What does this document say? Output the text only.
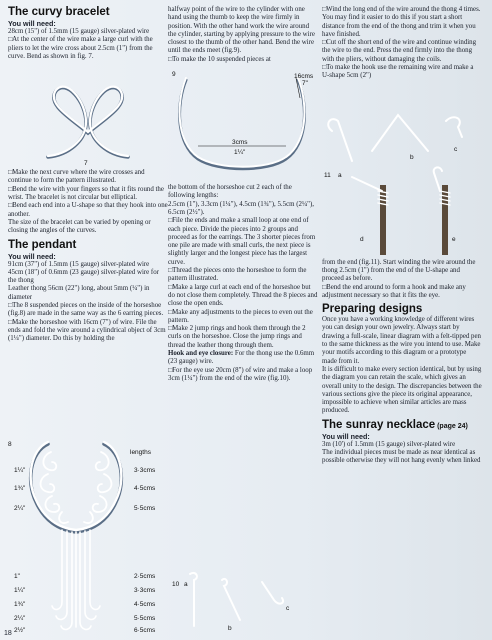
The curvy bracelet
You will need:

28cm (15") of 1.5mm (15 gauge) silver-plated wire

□At the center of the wire make a large curl with the pliers to let the wire cross about 2.5cm (1") from the curve. Bend as shown in fig. 7.

7

□Make the next curve where the wire crosses and continue to form the pattern illustrated.

□Bend the wire with your fingers so that it fits round the wrist. The bracelet is not circular but elliptical.

□Bend each end into a U-shape so that they hook into one another.

The size of the bracelet can be varied by opening or closing the angles of the curves.

The pendant
You will need:

91cm (37") of 1.5mm (15 gauge) silver-plated wire

45cm (18") of 0.6mm (23 gauge) silver-plated wire for the thong

Leather thong 56cm (22") long, about 5mm (¼") in diameter

□The 8 suspended pieces on the inside of the horseshoe (fig.8) are made in the same way as the 6 earring pieces.

□Make the horseshoe with 16cm (7") of wire. File the ends and fold the wire around a cylindrical object of 3cm (1¼") diameter. Do this by holding the

halfway point of the wire to the cylinder with one hand using the thumb to keep the wire firmly in position. With the other hand work the wire around the cylinder, starting by applying pressure to the wire closest to the thumb of the other hand. Bend the wire until the ends meet (fig.9).

□To make the 10 suspended pieces at

9	16cms
7"
3cms
1¼"

the bottom of the horseshoe cut 2 each of the following lengths:

2.5cm (1"), 3.3cm (1¼"), 4.5cm (1¾"), 5.5cm (2¼"), 6.5cm (2½").

□File the ends and make a small loop at one end of each piece. Divide the pieces into 2 groups and proceed as for the earrings. The 3 shorter pieces from one pile are made with small curls, the next piece is slightly larger and the longest piece has the largest curve.

□Thread the pieces onto the horseshoe to form the pattern illustrated.

□Make a large curl at each end of the horseshoe but do not close them completely. Thread the 8 pieces and close the open ends.

□Make any adjustments to the pieces to even out the pattern.

□Make 2 jump rings and hook them through the 2 curls on the horseshoe. Close the jump rings and thread the leather thong through them.

Hook and eye closure: For the thong use the 0.6mm (23 gauge) wire.

□For the eye use 20cm (8") of wire and make a loop 3cm (1¼") from the end of the wire (fig.10).

8
1¼"
1¾"
2¼"
1"
1¼"
1¾"
2¼"
2½"
lengths
3·3cms
4·5cms
5·5cms
2·5cms
3·3cms
4·5cms
5·5cms
6·5cms
10 a
b
c

□Wind the long end of the wire around the thong 4 times. You may find it easier to do this if you start a short distance from the end of the thong and trim it when you have finished.

□Cut off the short end of the wire and continue winding the wire to the end. Press the end firmly into the thong with the pliers, without damaging the coils.

□To make the hook use the remaining wire and make a U-shape 5cm (2")

11 a
b
c
d	e

from the end (fig.11). Start winding the wire around the thong 2.5cm (1") from the end of the U-shape and proceed as before.

□Bend the end around to form a hook and make any adjustment necessary so that it fits the eye.

Preparing designs

Once you have a working knowledge of different wires you can design your own jewelry. Always start by drawing a full-scale, linear diagram with a felt-tipped pen to the same thickness as the wire you intend to use. Make your motifs according to this diagram or a prototype made from it.

It is difficult to make every section identical, but by using the diagram you can retain the scale, which gives an overall unity to the design. The discrepancies between the various sections give the piece its original appearance, impossible to achieve when similar articles are mass produced.

The sunray necklace (page 24)
You will need:

3m (10') of 1.5mm (15 gauge) silver-plated wire

The individual pieces must be made as near identical as possible otherwise they will not hang evenly when linked

18
